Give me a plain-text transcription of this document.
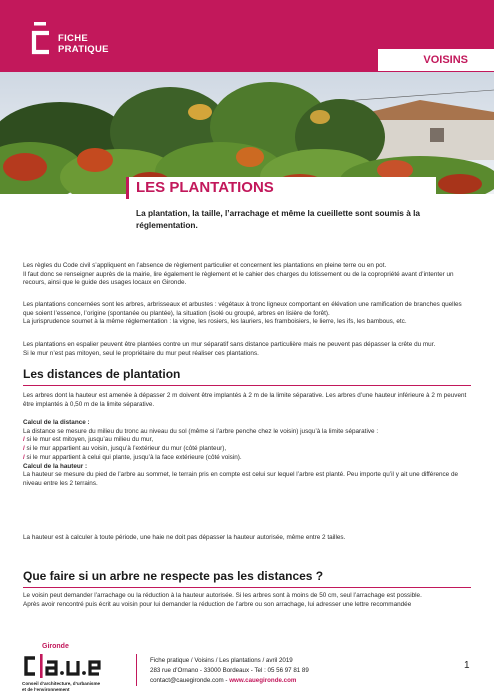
FICHE
PRATIQUE
VOISINS
LES PLANTATIONS
La plantation, la taille, l’arrachage et même la cueillette sont soumis à la réglementation.

Les règles du Code civil s’appliquent en l’absence de règlement particulier et concernent les plantations en pleine terre ou en pot.

Il faut donc se renseigner auprès de la mairie, lire également le règlement et le cahier des charges du lotissement ou de la copropriété avant d’intenter un recours, ainsi que le guide des usages locaux en Gironde.

Les plantations concernées sont les arbres, arbrisseaux et arbustes : végétaux à tronc ligneux comportant en élévation une ramification de branches quelles que soient l’essence, l’origine (spontanée ou plantée), la situation (isolé ou groupé, arbres en lisière de forêt).

La jurisprudence soumet à la même réglementation : la vigne, les rosiers, les lauriers, les framboisiers, le lierre, les ifs, les bambous, etc.

Les plantations en espalier peuvent être plantées contre un mur séparatif sans distance particulière mais ne peuvent pas dépasser la crête du mur.

Si le mur n’est pas mitoyen, seul le propriétaire du mur peut réaliser ces plantations.

Les distances de plantation
Les arbres dont la hauteur est amenée à dépasser 2 m doivent être implantés à 2 m de la limite séparative. Les arbres d’une hauteur inférieure à 2 m peuvent être implantés à 0,50 m de la limite séparative.

Calcul de la distance :

La distance se mesure du milieu du tronc au niveau du sol (même si l’arbre penche chez le voisin) jusqu’à la limite séparative :

/ si le mur est mitoyen, jusqu’au milieu du mur,

/ si le mur appartient au voisin, jusqu’à l’extérieur du mur (côté planteur),

/ si le mur appartient à celui qui plante, jusqu’à la face extérieure (côté voisin).

Calcul de la hauteur :

La hauteur se mesure du pied de l’arbre au sommet, le terrain pris en compte est celui sur lequel l’arbre est planté. Peu importe qu’il y ait une différence de niveau entre les 2 terrains.

La hauteur est à calculer à toute période, une haie ne doit pas dépasser la hauteur autorisée, même entre 2 tailles.
Que faire si un arbre ne respecte pas les distances ?

Le voisin peut demander l’arrachage ou la réduction à la hauteur autorisée. Si les arbres sont à moins de 50 cm, seul l’arrachage est possible.

Après avoir rencontré puis écrit au voisin pour lui demander la réduction de l’arbre ou son arrachage, lui adresser une lettre recommandée

Gironde
Conseil d’architecture, d’urbanisme
et de l’environnement
Fiche pratique / Voisins / Les plantations / avril 2019
283 rue d’Ornano - 33000 Bordeaux - Tel : 05 56 97 81 89
contact@cauegironde.com - www.cauegironde.com
1
